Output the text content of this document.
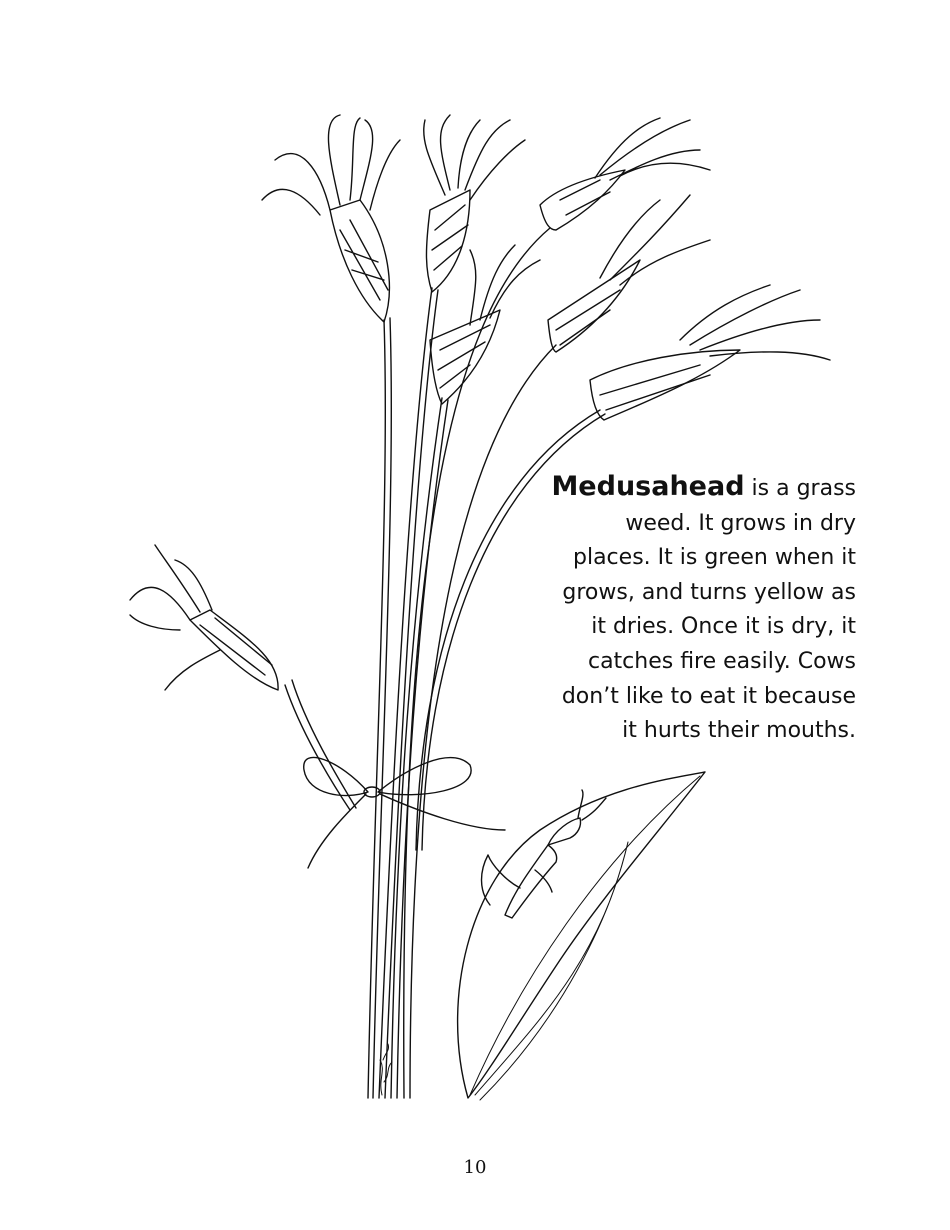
Medusahead is a grass
weed. It grows in dry
places. It is green when it
grows, and turns yellow as
it dries. Once it is dry, it
catches fire easily. Cows
don’t like to eat it because
it hurts their mouths.
10
